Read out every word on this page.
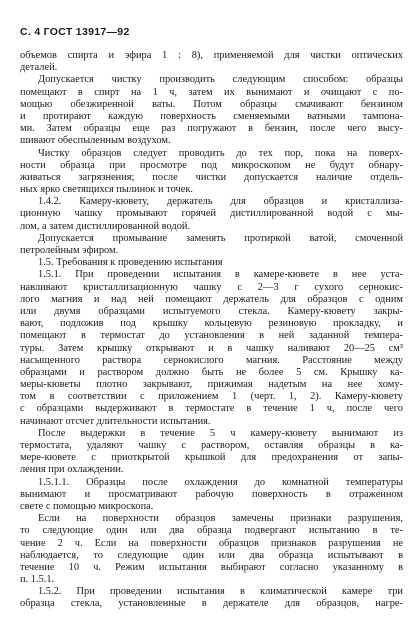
С. 4 ГОСТ 13917—92
объемов спирта и эфира 1 : 8), применяемой для чистки оптических
деталей.
Допускается чистку производить следующим способом: образцы
помещают в спирт на 1 ч, затем их вынимают и очищают с по-
мощью обезжиренной ваты. Потом образцы смачивают бензином
и протирают каждую поверхность сменяемыми ватными тампона-
ми. Затем образцы еще раз погружают в бензин, после чего высу-
шивают обеспыленным воздухом.
Чистку образцов следует проводить до тех пор, пока на поверх-
ности образца при просмотре под микроскопом не будут обнару-
живаться загрязнения; после чистки допускается наличие отдель-
ных ярко светящихся пылинок и точек.
1.4.2. Камеру-кювету, держатель для образцов и кристаллиза-
ционную чашку промывают горячей дистиллированной водой с мы-
лом, а затем дистиллированной водой.
Допускается промывание заменять протиркой ватой, смоченной
петролейным эфиром.
1.5. Требования к проведению испытания
1.5.1. При проведении испытания в камере-кювете в нее уста-
навливают кристаллизационную чашку с 2—3 г сухого сернокис-
лого магния и над ней помещают держатель для образцов с одним
или двумя образцами испытуемого стекла. Камеру-кювету закры-
вают, подложив под крышку кольцевую резиновую прокладку, и
помещают в термостат до установления в ней заданной темпера-
туры. Затем крышку открывают и в чашку наливают 20—25 см³
насыщенного раствора сернокислого магния. Расстояние между
образцами и раствором должно быть не более 5 см. Крышку ка-
меры-кюветы плотно закрывают, прижимая надетым на нее хому-
том в соответствии с приложением 1 (черт. 1, 2). Камеру-кювету
с образцами выдерживают в термостате в течение 1 ч, после чего
начинают отсчет длительности испытания.
После выдержки в течение 5 ч камеру-кювету вынимают из
термостата, удаляют чашку с раствором, оставляя образцы в ка-
мере-кювете с приоткрытой крышкой для предохранения от запы-
ления при охлаждении.
1.5.1.1. Образцы после охлаждения до комнатной температуры
вынимают и просматривают рабочую поверхность в отраженном
свете с помощью микроскопа.
Если на поверхности образцов замечены признаки разрушения,
то следующие один или два образца подвергают испытанию в те-
чение 2 ч. Если на поверхности образцов признаков разрушения не
наблюдается, то следующие один или два образца испытывают в
течение 10 ч. Режим испытания выбирают согласно указанному в
п. 1.5.1.
1.5.2. При проведении испытания в климатической камере три
образца стекла, установленные в держателе для образцов, нагре-
